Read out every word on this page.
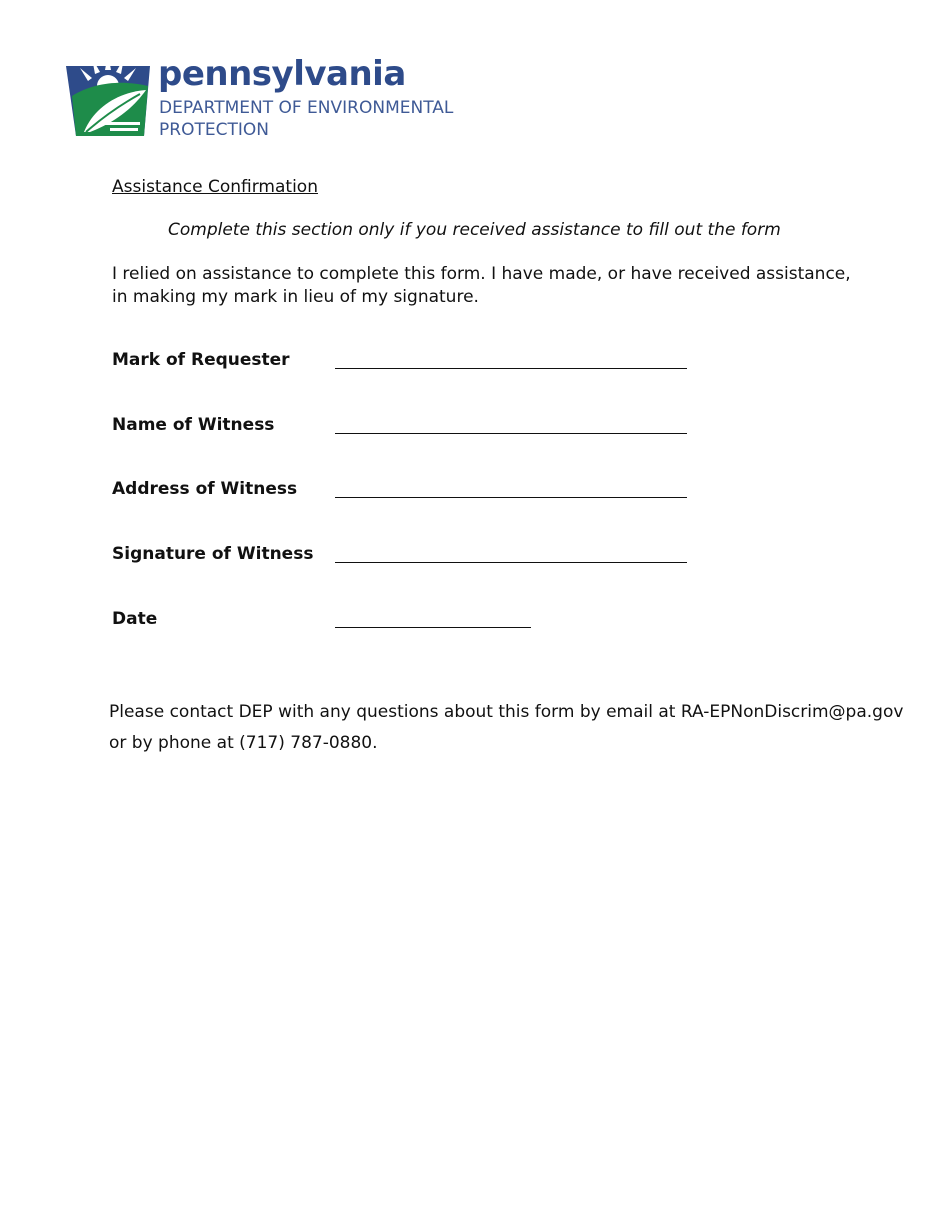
pennsylvania
DEPARTMENT OF ENVIRONMENTAL
PROTECTION
Assistance Confirmation
Complete this section only if you received assistance to fill out the form
I relied on assistance to complete this form. I have made, or have received assistance, in making my mark in lieu of my signature.
Mark of Requester
Name of Witness
Address of Witness
Signature of Witness
Date
Please contact DEP with any questions about this form by email at RA-EPNonDiscrim@pa.gov or by phone at (717) 787-0880.
